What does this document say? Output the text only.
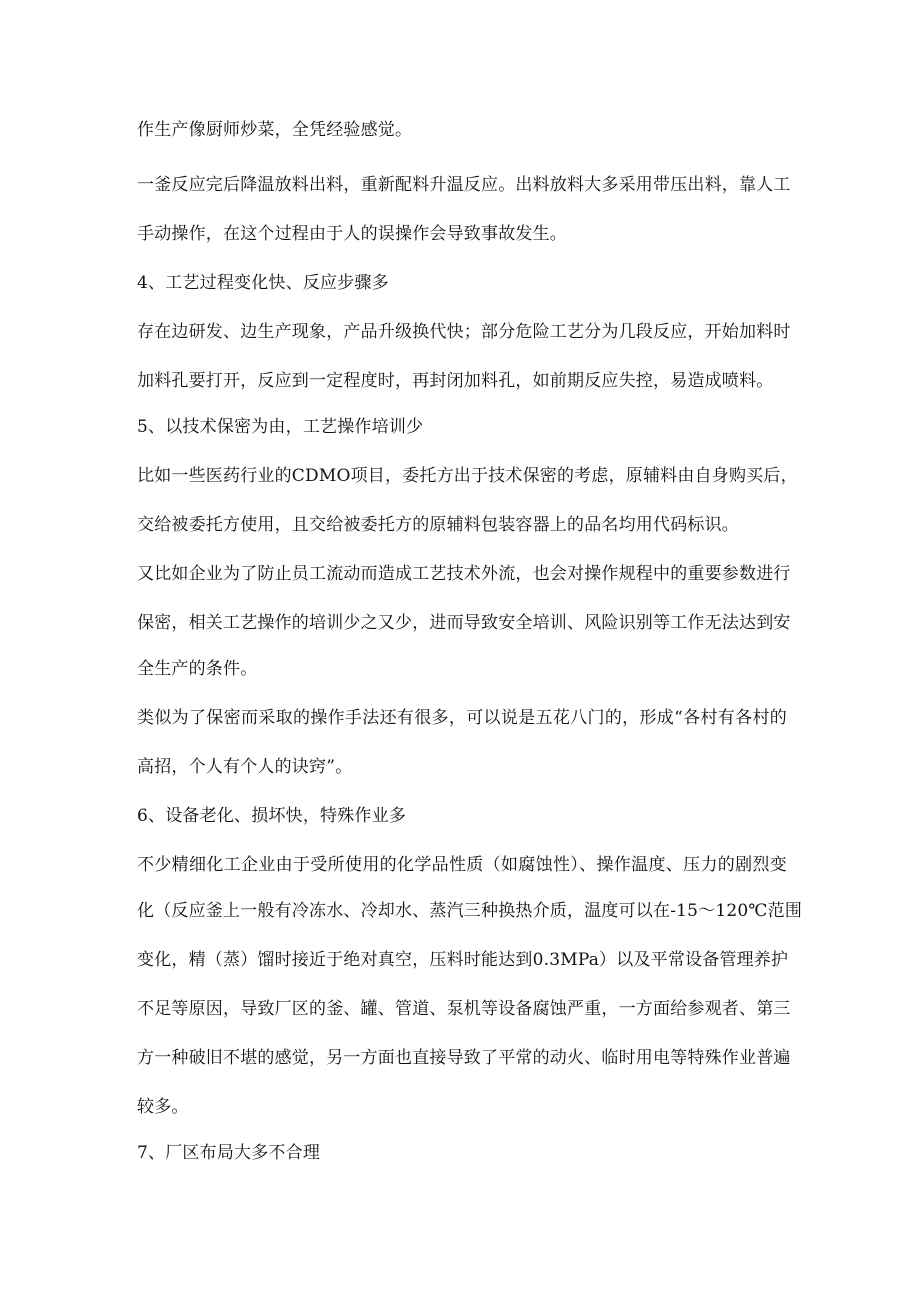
作生产像厨师炒菜，全凭经验感觉。
一釜反应完后降温放料出料，重新配料升温反应。出料放料大多采用带压出料，靠人工
手动操作，在这个过程由于人的误操作会导致事故发生。
4、工艺过程变化快、反应步骤多
存在边研发、边生产现象，产品升级换代快；部分危险工艺分为几段反应，开始加料时
加料孔要打开，反应到一定程度时，再封闭加料孔，如前期反应失控，易造成喷料。
5、以技术保密为由，工艺操作培训少
比如一些医药行业的CDMO项目，委托方出于技术保密的考虑，原辅料由自身购买后，
交给被委托方使用，且交给被委托方的原辅料包装容器上的品名均用代码标识。
又比如企业为了防止员工流动而造成工艺技术外流，也会对操作规程中的重要参数进行
保密，相关工艺操作的培训少之又少，进而导致安全培训、风险识别等工作无法达到安
全生产的条件。
类似为了保密而采取的操作手法还有很多，可以说是五花八门的，形成“各村有各村的
高招，个人有个人的诀窍”。
6、设备老化、损坏快，特殊作业多
不少精细化工企业由于受所使用的化学品性质（如腐蚀性）、操作温度、压力的剧烈变
化（反应釜上一般有冷冻水、冷却水、蒸汽三种换热介质，温度可以在-15～120℃范围
变化，精（蒸）馏时接近于绝对真空，压料时能达到0.3MPa）以及平常设备管理养护
不足等原因，导致厂区的釜、罐、管道、泵机等设备腐蚀严重，一方面给参观者、第三
方一种破旧不堪的感觉，另一方面也直接导致了平常的动火、临时用电等特殊作业普遍
较多。
7、厂区布局大多不合理
